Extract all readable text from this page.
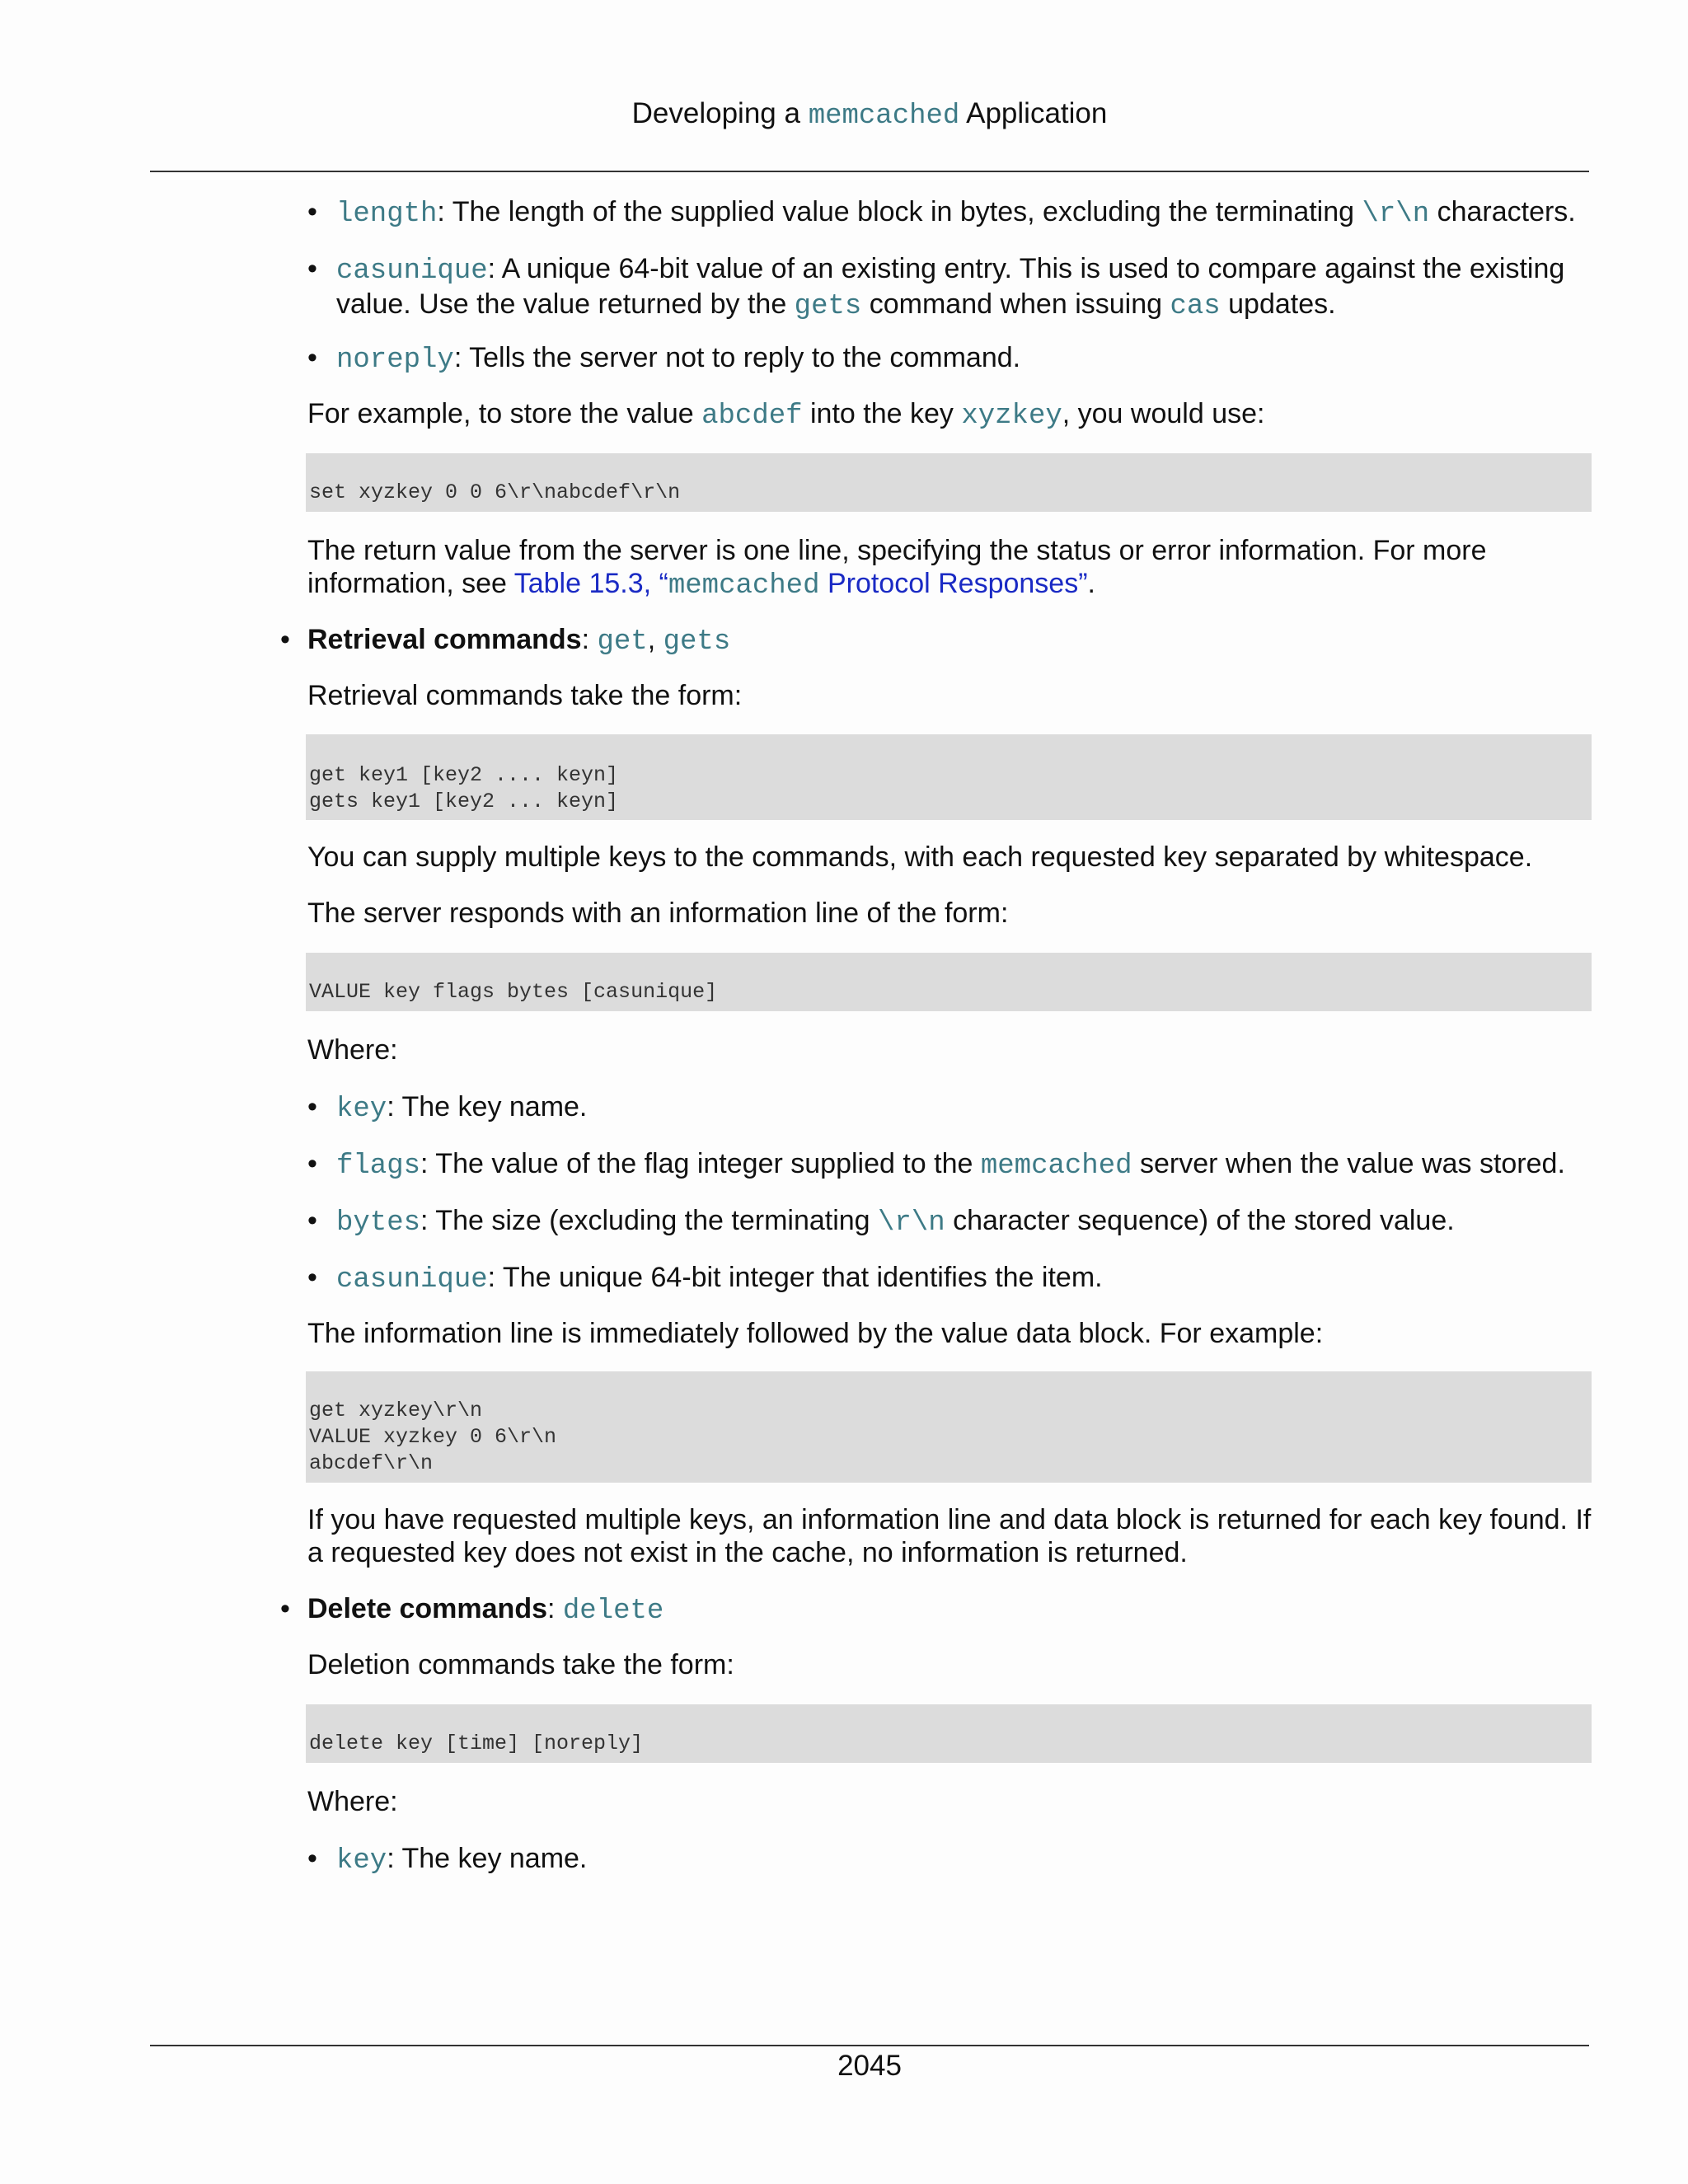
Developing a memcached Application
• length: The length of the supplied value block in bytes, excluding the terminating \r\n characters.
• casunique: A unique 64-bit value of an existing entry. This is used to compare against the existing
value. Use the value returned by the gets command when issuing cas updates.
• noreply: Tells the server not to reply to the command.
For example, to store the value abcdef into the key xyzkey, you would use:
set xyzkey 0 0 6\r\nabcdef\r\n
The return value from the server is one line, specifying the status or error information. For more
information, see Table 15.3, “memcached Protocol Responses”.
• Retrieval commands: get, gets
Retrieval commands take the form:
get key1 [key2 .... keyn]
gets key1 [key2 ... keyn]
You can supply multiple keys to the commands, with each requested key separated by whitespace.
The server responds with an information line of the form:
VALUE key flags bytes [casunique]
Where:
• key: The key name.
• flags: The value of the flag integer supplied to the memcached server when the value was stored.
• bytes: The size (excluding the terminating \r\n character sequence) of the stored value.
• casunique: The unique 64-bit integer that identifies the item.
The information line is immediately followed by the value data block. For example:
get xyzkey\r\n
VALUE xyzkey 0 6\r\n
abcdef\r\n
If you have requested multiple keys, an information line and data block is returned for each key found. If
a requested key does not exist in the cache, no information is returned.
• Delete commands: delete
Deletion commands take the form:
delete key [time] [noreply]
Where:
• key: The key name.
2045
